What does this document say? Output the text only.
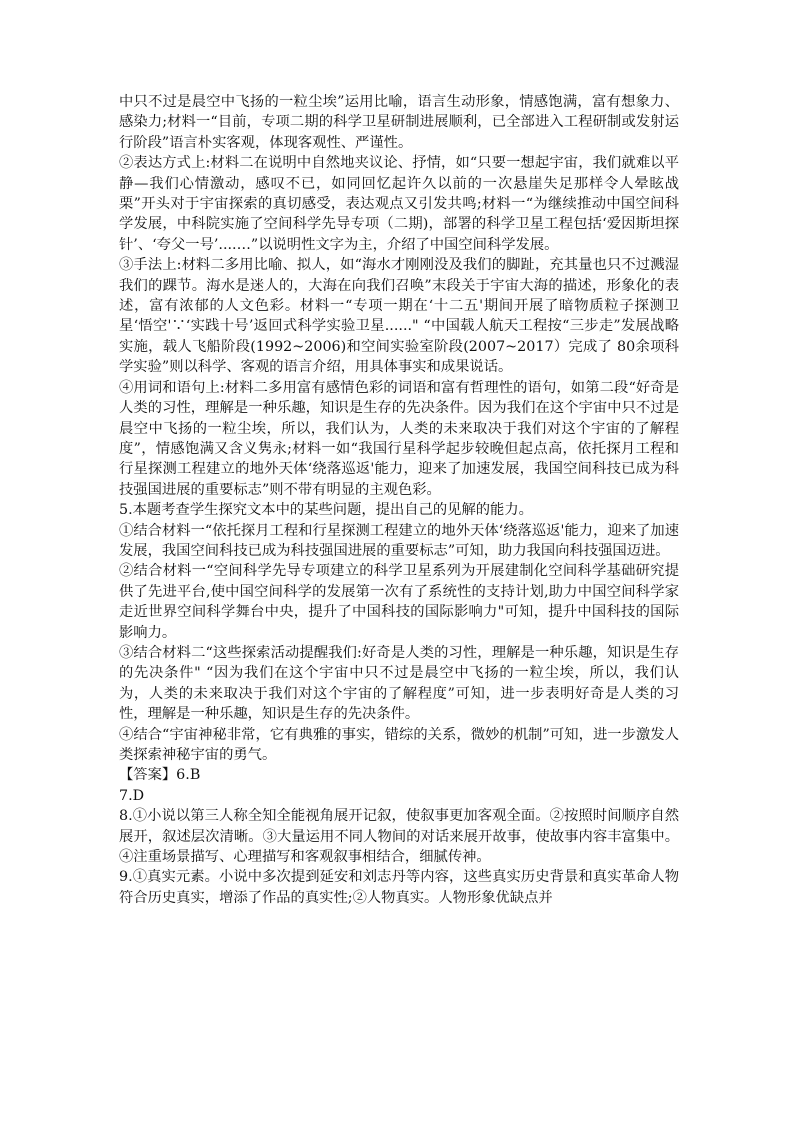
中只不过是晨空中飞扬的一粒尘埃”运用比喻，语言生动形象，情感饱满，富有想象力、感染力;材料一“目前，专项二期的科学卫星研制进展顺利，已全部进入工程研制或发射运行阶段”语言朴实客观，体现客观性、严谨性。

②表达方式上:材料二在说明中自然地夹议论、抒情，如“只要一想起宇宙，我们就难以平静—我们心情激动，感叹不已，如同回忆起许久以前的一次悬崖失足那样令人晕眩战栗”开头对于宇宙探索的真切感受，表达观点又引发共鸣;材料一“为继续推动中国空间科学发展，中科院实施了空间科学先导专项（二期)，部署的科学卫星工程包括‘爱因斯坦探针’、‘夸父一号’....…”以说明性文字为主，介绍了中国空间科学发展。

③手法上:材料二多用比喻、拟人，如“海水才刚刚没及我们的脚趾，充其量也只不过溅湿我们的踝节。海水是迷人的，大海在向我们召唤”末段关于宇宙大海的描述，形象化的表述，富有浓郁的人文色彩。材料一“专项一期在‘十二五'期间开展了暗物质粒子探测卫星‘悟空'∵‘实践十号’返回式科学实验卫星......" “中国载人航天工程按“三步走”发展战略实施，载人飞船阶段(1992~2006)和空间实验室阶段(2007~2017）完成了 80余项科学实验”则以科学、客观的语言介绍，用具体事实和成果说话。

④用词和语句上:材料二多用富有感情色彩的词语和富有哲理性的语句，如第二段“好奇是人类的习性，理解是一种乐趣，知识是生存的先决条件。因为我们在这个宇宙中只不过是晨空中飞扬的一粒尘埃，所以，我们认为，人类的未来取决于我们对这个宇宙的了解程度”，情感饱满又含义隽永;材料一如“我国行星科学起步较晚但起点高，依托探月工程和行星探测工程建立的地外天体‘绕落巡返'能力，迎来了加速发展，我国空间科技已成为科技强国进展的重要标志”则不带有明显的主观色彩。

5.本题考查学生探究文本中的某些问题，提出自己的见解的能力。

①结合材料一“依托探月工程和行星探测工程建立的地外天体‘绕落巡返'能力，迎来了加速发展，我国空间科技已成为科技强国进展的重要标志”可知，助力我国向科技强国迈进。

②结合材料一“空间科学先导专项建立的科学卫星系列为开展建制化空间科学基础研究提供了先进平台,使中国空间科学的发展第一次有了系统性的支持计划,助力中国空间科学家走近世界空间科学舞台中央，提升了中国科技的国际影响力"可知，提升中国科技的国际影响力。

③结合材料二“这些探索活动提醒我们:好奇是人类的习性，理解是一种乐趣，知识是生存的先决条件" “因为我们在这个宇宙中只不过是晨空中飞扬的一粒尘埃，所以，我们认为，人类的未来取决于我们对这个宇宙的了解程度”可知，进一步表明好奇是人类的习性，理解是一种乐趣，知识是生存的先决条件。

④结合“宇宙神秘非常，它有典雅的事实，错综的关系，微妙的机制”可知，进一步激发人类探索神秘宇宙的勇气。

【答案】6.B

7.D

8.①小说以第三人称全知全能视角展开记叙，使叙事更加客观全面。②按照时间顺序自然展开，叙述层次清晰。③大量运用不同人物间的对话来展开故事，使故事内容丰富集中。④注重场景描写、心理描写和客观叙事相结合，细腻传神。

9.①真实元素。小说中多次提到延安和刘志丹等内容，这些真实历史背景和真实革命人物符合历史真实，增添了作品的真实性;②人物真实。人物形象优缺点并
